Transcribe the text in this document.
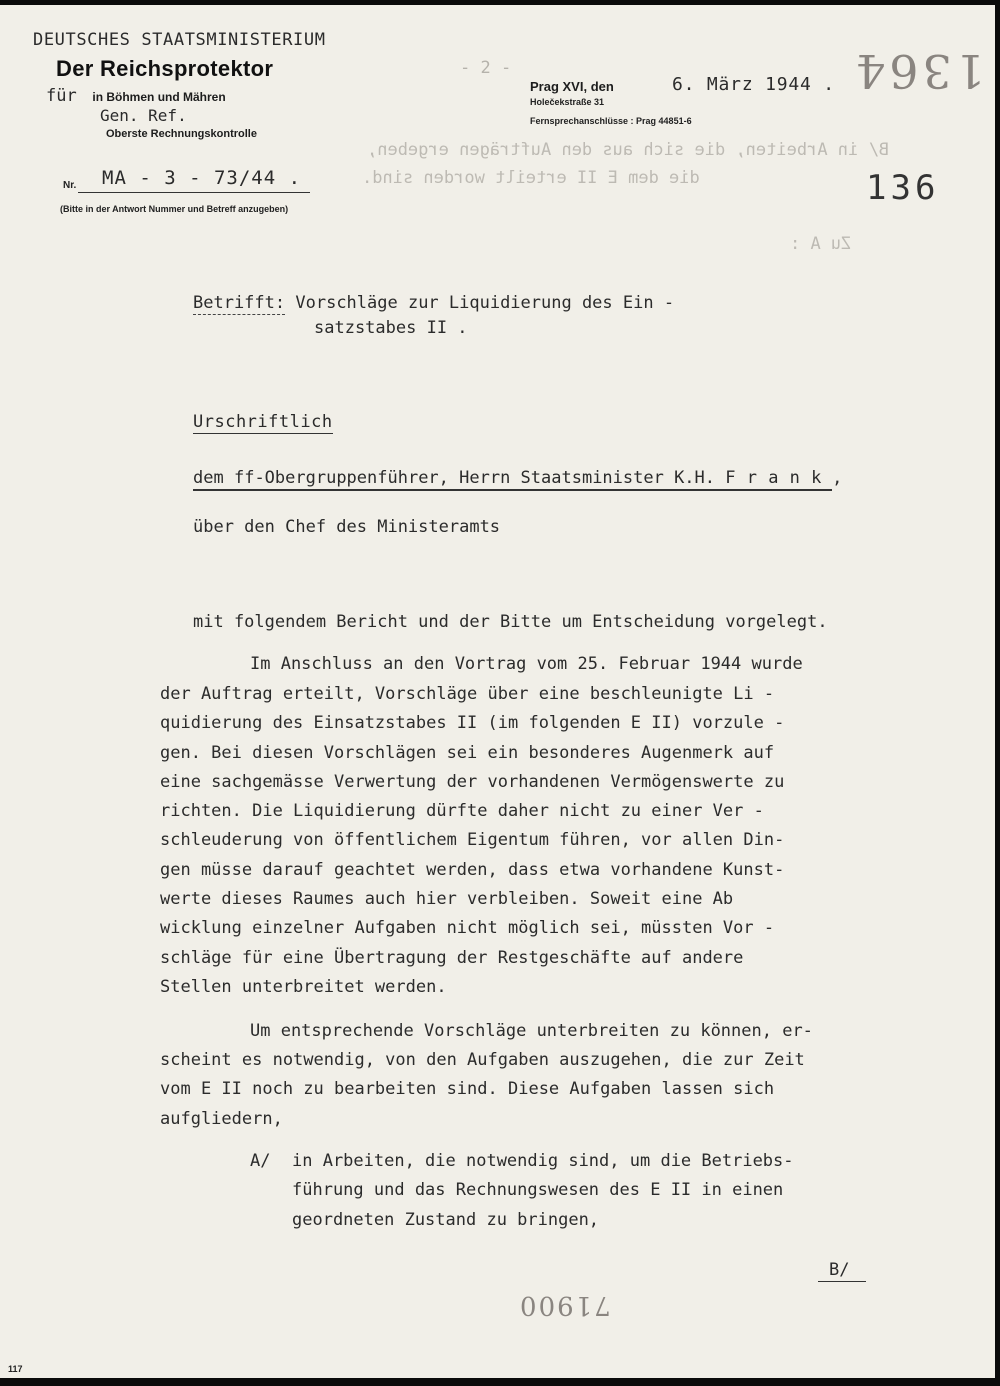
B/ in Arbeiten, die sich aus den Aufträgen ergeben,
die dem E II erteilt worden sind.
Zu A :
DEUTSCHES STAATSMINISTERIUM
Der Reichsprotektor
für in Böhmen und Mähren
Gen. Ref.
Oberste Rechnungskontrolle
Nr. MA - 3 - 73/44 .
(Bitte in der Antwort Nummer und Betreff anzugeben)
- 2 -
Prag XVI, den	6. März 1944 .
Holečekstraße 31
Fernsprechanschlüsse : Prag 44851-6
1364
136
Betrifft: Vorschläge zur Liquidierung des Ein -
satzstabes II .
Urschriftlich
dem ff-Obergruppenführer, Herrn Staatsminister K.H. F r a n k ,
über den Chef des Ministeramts
mit folgendem Bericht und der Bitte um Entscheidung vorgelegt.
Im Anschluss an den Vortrag vom 25. Februar 1944 wurde
der Auftrag erteilt, Vorschläge über eine beschleunigte Li -
quidierung des Einsatzstabes II (im folgenden E II) vorzule -
gen. Bei diesen Vorschlägen sei ein besonderes Augenmerk auf
eine sachgemässe Verwertung der vorhandenen Vermögenswerte zu
richten. Die Liquidierung dürfte daher nicht zu einer Ver -
schleuderung von öffentlichem Eigentum führen, vor allen Din-
gen müsse darauf geachtet werden, dass etwa vorhandene Kunst-
werte dieses Raumes auch hier verbleiben. Soweit eine Ab
wicklung einzelner Aufgaben nicht möglich sei, müssten Vor -
schläge für eine Übertragung der Restgeschäfte auf andere
Stellen unterbreitet werden.
Um entsprechende Vorschläge unterbreiten zu können, er-
scheint es notwendig, von den Aufgaben auszugehen, die zur Zeit
vom E II noch zu bearbeiten sind. Diese Aufgaben lassen sich
aufgliedern,
A/ in Arbeiten, die notwendig sind, um die Betriebs-
führung und das Rechnungswesen des E II in einen
geordneten Zustand zu bringen,
B/
71900
117
